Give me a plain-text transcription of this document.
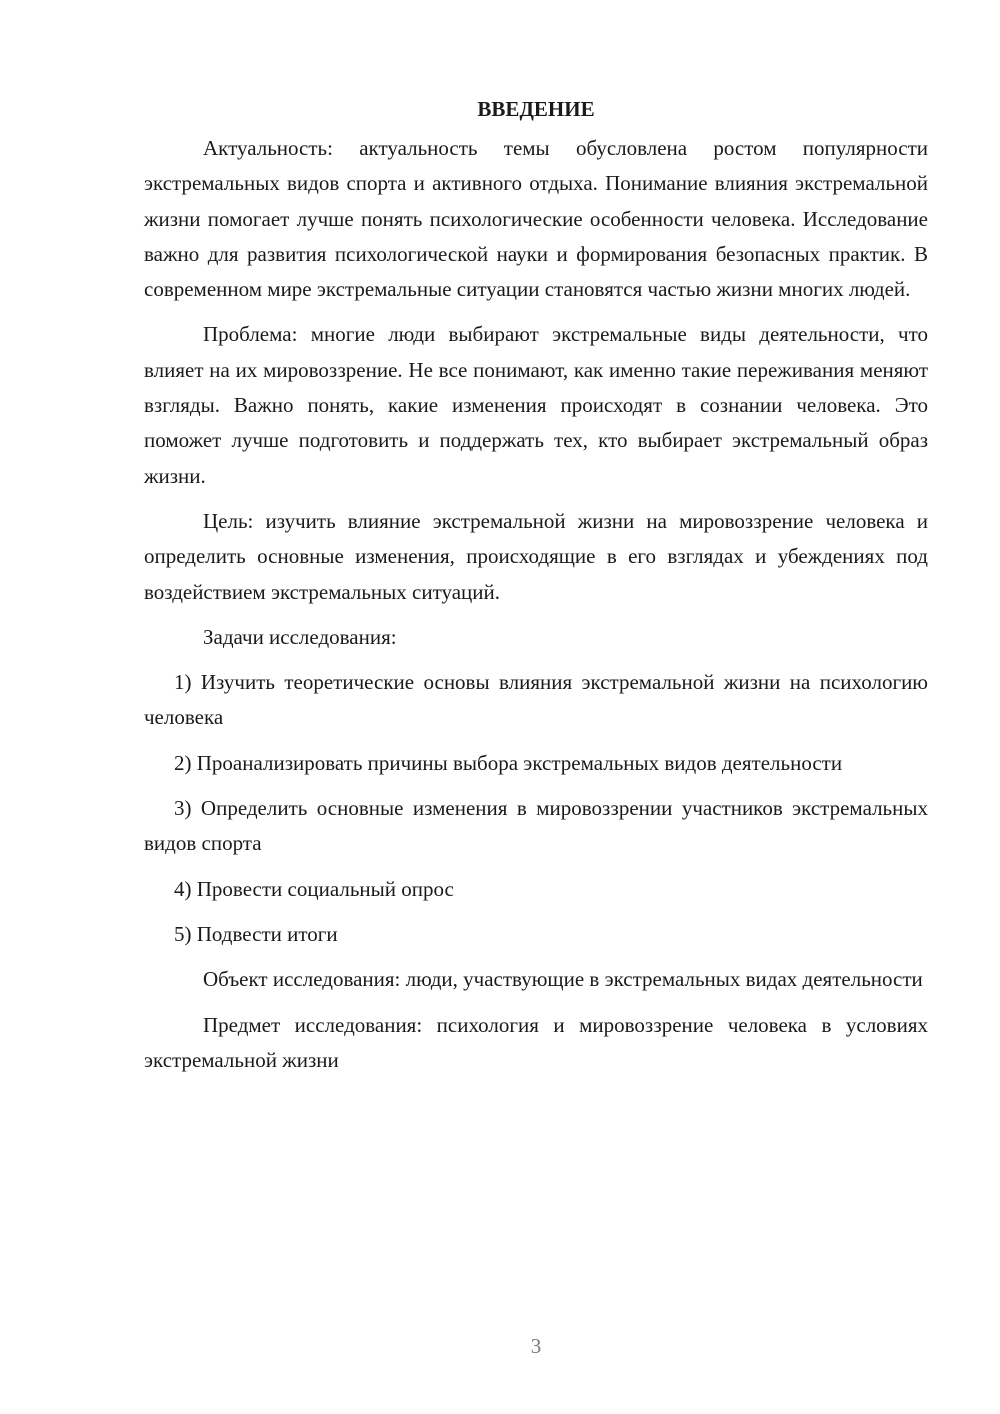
ВВЕДЕНИЕ

Актуальность: актуальность темы обусловлена ростом популярности экстремальных видов спорта и активного отдыха. Понимание влияния экстремальной жизни помогает лучше понять психологические особенности человека. Исследование важно для развития психологической науки и формирования безопасных практик. В современном мире экстремальные ситуации становятся частью жизни многих людей.

Проблема: многие люди выбирают экстремальные виды деятельности, что влияет на их мировоззрение. Не все понимают, как именно такие переживания меняют взгляды. Важно понять, какие изменения происходят в сознании человека. Это поможет лучше подготовить и поддержать тех, кто выбирает экстремальный образ жизни.

Цель: изучить влияние экстремальной жизни на мировоззрение человека и определить основные изменения, происходящие в его взглядах и убеждениях под воздействием экстремальных ситуаций.

Задачи исследования:

1) Изучить теоретические основы влияния экстремальной жизни на психологию человека

2) Проанализировать причины выбора экстремальных видов деятельности

3) Определить основные изменения в мировоззрении участников экстремальных видов спорта

4) Провести социальный опрос

5) Подвести итоги

Объект исследования: люди, участвующие в экстремальных видах деятельности

Предмет исследования: психология и мировоззрение человека в условиях экстремальной жизни

3
